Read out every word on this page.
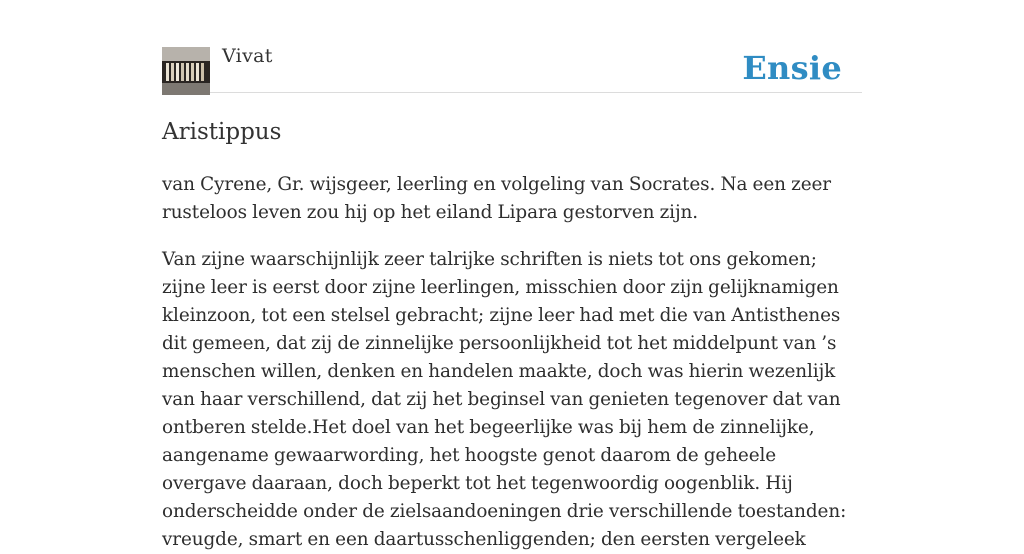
Vivat	Ensie
Aristippus

van Cyrene, Gr. wijsgeer, leerling en volgeling van Socrates. Na een zeer rusteloos leven zou hij op het eiland Lipara gestorven zijn.

Van zijne waarschijnlijk zeer talrijke schriften is niets tot ons gekomen; zijne leer is eerst door zijne leerlingen, misschien door zijn gelijknamigen kleinzoon, tot een stelsel gebracht; zijne leer had met die van Antisthenes dit gemeen, dat zij de zinnelijke persoonlijkheid tot het middelpunt van ’s menschen willen, denken en handelen maakte, doch was hierin wezenlijk van haar verschillend, dat zij het beginsel van genieten tegenover dat van ontberen stelde.Het doel van het begeerlijke was bij hem de zinnelijke, aangename gewaarwording, het hoogste genot daarom de geheele overgave daaraan, doch beperkt tot het tegenwoordig oogenblik. Hij onderscheidde onder de zielsaandoeningen drie verschillende toestanden: vreugde, smart en een daartusschenliggenden; den eersten vergeleek
